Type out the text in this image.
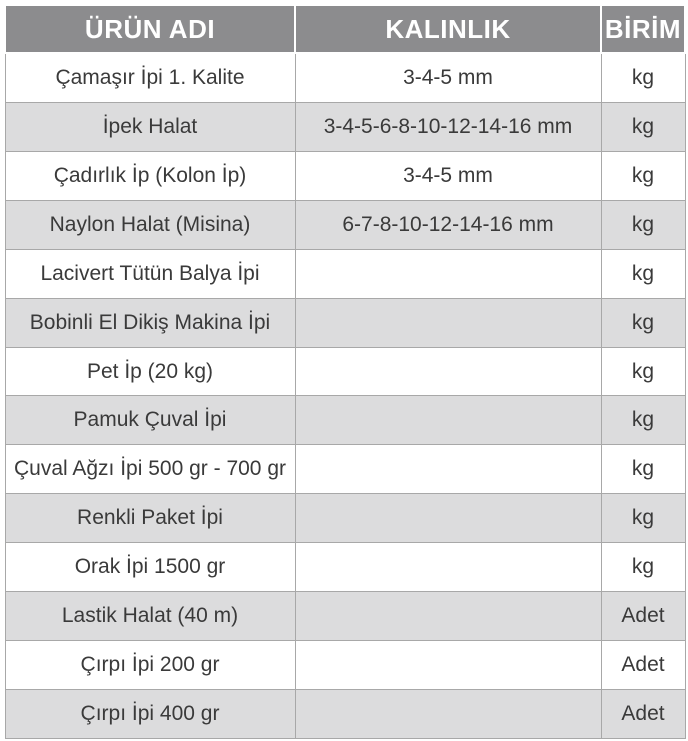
ÜRÜN ADI	KALINLIK	BİRİM
Çamaşır İpi 1. Kalite	3-4-5 mm	kg
İpek Halat	3-4-5-6-8-10-12-14-16 mm	kg
Çadırlık İp (Kolon İp)	3-4-5 mm	kg
Naylon Halat (Misina)	6-7-8-10-12-14-16 mm	kg
Lacivert Tütün Balya İpi		kg
Bobinli El Dikiş Makina İpi		kg
Pet İp (20 kg)		kg
Pamuk Çuval İpi		kg
Çuval Ağzı İpi 500 gr - 700 gr		kg
Renkli Paket İpi		kg
Orak İpi 1500 gr		kg
Lastik Halat (40 m)		Adet
Çırpı İpi 200 gr		Adet
Çırpı İpi 400 gr		Adet
